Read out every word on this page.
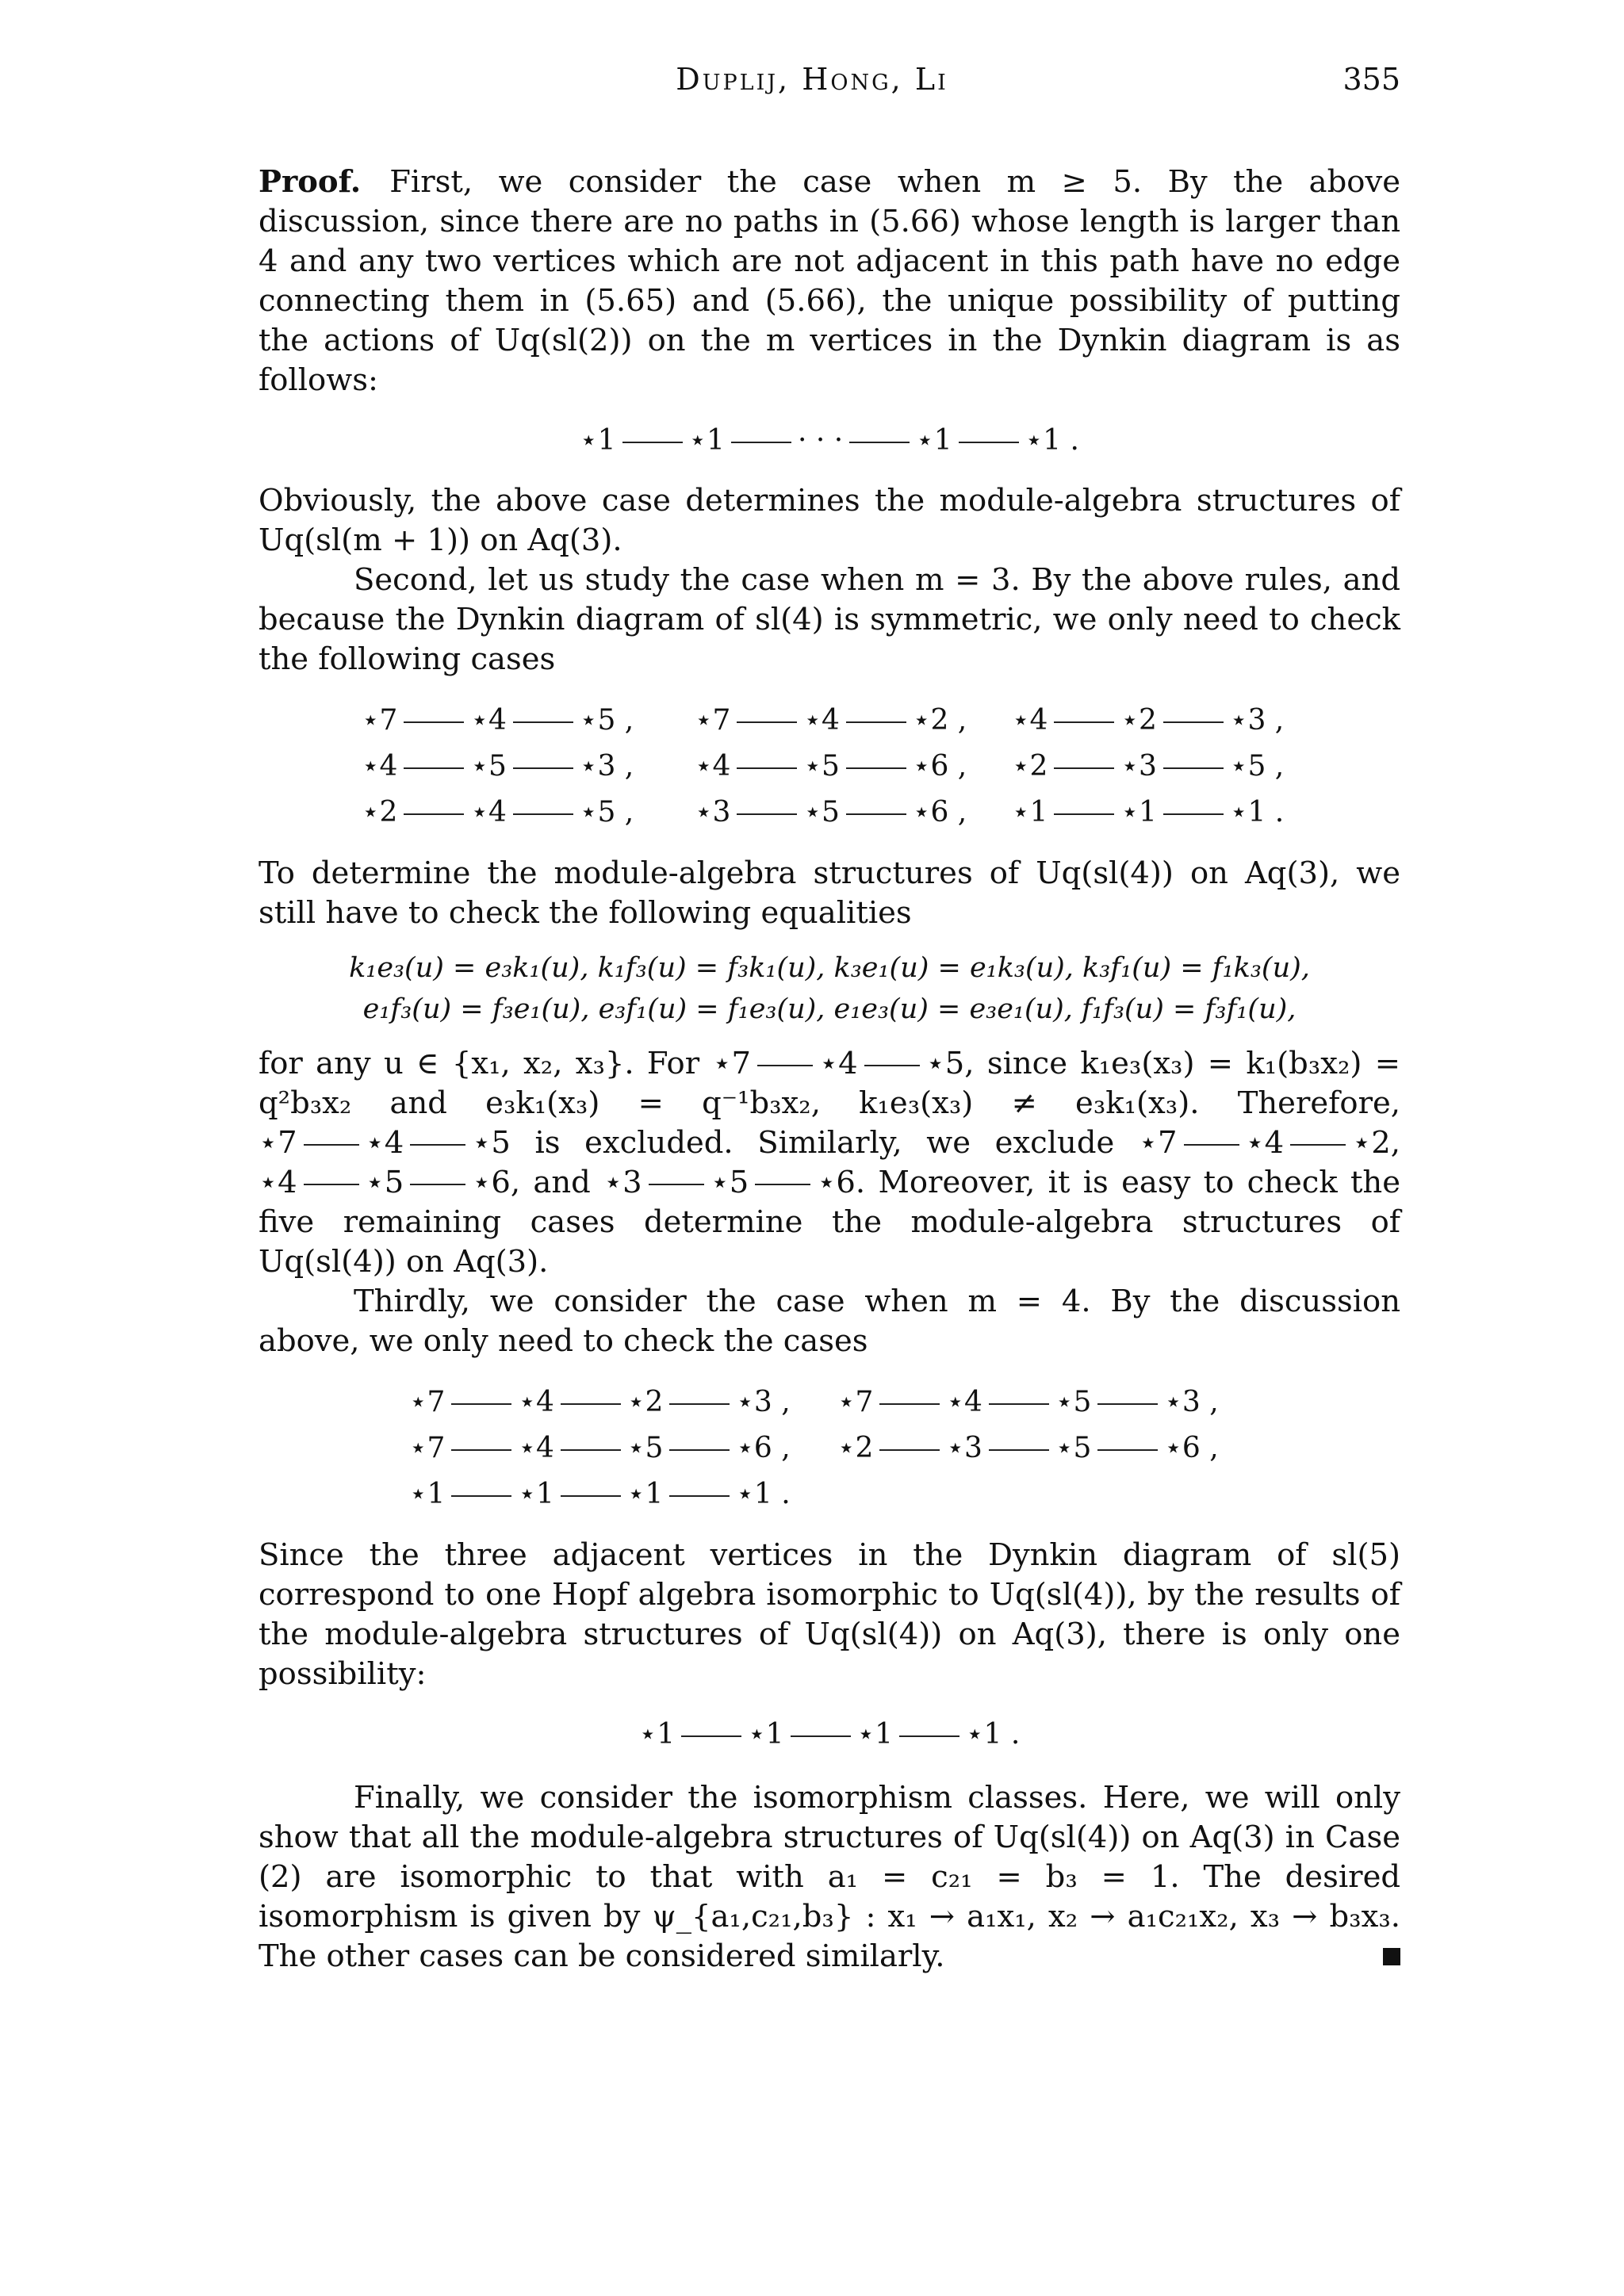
Duplij, Hong, Li	355

Proof. First, we consider the case when m ≥ 5. By the above discussion, since there are no paths in (5.66) whose length is larger than 4 and any two vertices which are not adjacent in this path have no edge connecting them in (5.65) and (5.66), the unique possibility of putting the actions of Uq(sl(2)) on the m vertices in the Dynkin diagram is as follows:

⋆1	⋆1	· · ·	⋆1	⋆1 .

Obviously, the above case determines the module-algebra structures of Uq(sl(m + 1)) on Aq(3).

Second, let us study the case when m = 3. By the above rules, and because the Dynkin diagram of sl(4) is symmetric, we only need to check the following cases

⋆7	⋆4	⋆5 ,	⋆7	⋆4	⋆2 ,	⋆4	⋆2	⋆3 ,
⋆4	⋆5	⋆3 ,	⋆4	⋆5	⋆6 ,	⋆2	⋆3	⋆5 ,
⋆2	⋆4	⋆5 ,	⋆3	⋆5	⋆6 ,	⋆1	⋆1	⋆1 .

To determine the module-algebra structures of Uq(sl(4)) on Aq(3), we still have to check the following equalities

k₁e₃(u) = e₃k₁(u), k₁f₃(u) = f₃k₁(u), k₃e₁(u) = e₁k₃(u), k₃f₁(u) = f₁k₃(u),
e₁f₃(u) = f₃e₁(u), e₃f₁(u) = f₁e₃(u), e₁e₃(u) = e₃e₁(u), f₁f₃(u) = f₃f₁(u),

for any u ∈ {x₁, x₂, x₃}. For ⋆7 ⋆4 ⋆5, since k₁e₃(x₃) = k₁(b₃x₂) = q²b₃x₂ and e₃k₁(x₃) = q⁻¹b₃x₂, k₁e₃(x₃) ≠ e₃k₁(x₃). Therefore, ⋆7 ⋆4 ⋆5 is excluded. Similarly, we exclude ⋆7 ⋆4 ⋆2, ⋆4 ⋆5 ⋆6, and ⋆3 ⋆5 ⋆6. Moreover, it is easy to check the five remaining cases determine the module-algebra structures of Uq(sl(4)) on Aq(3).

Thirdly, we consider the case when m = 4. By the discussion above, we only need to check the cases

⋆7	⋆4	⋆2	⋆3 ,	⋆7	⋆4	⋆5	⋆3 ,
⋆7	⋆4	⋆5	⋆6 ,	⋆2	⋆3	⋆5	⋆6 ,
⋆1	⋆1	⋆1	⋆1 .

Since the three adjacent vertices in the Dynkin diagram of sl(5) correspond to one Hopf algebra isomorphic to Uq(sl(4)), by the results of the module-algebra structures of Uq(sl(4)) on Aq(3), there is only one possibility:

⋆1	⋆1	⋆1	⋆1 .

Finally, we consider the isomorphism classes. Here, we will only show that all the module-algebra structures of Uq(sl(4)) on Aq(3) in Case (2) are isomorphic to that with a₁ = c₂₁ = b₃ = 1. The desired isomorphism is given by ψ_{a₁,c₂₁,b₃} : x₁ → a₁x₁, x₂ → a₁c₂₁x₂, x₃ → b₃x₃. The other cases can be considered similarly.
